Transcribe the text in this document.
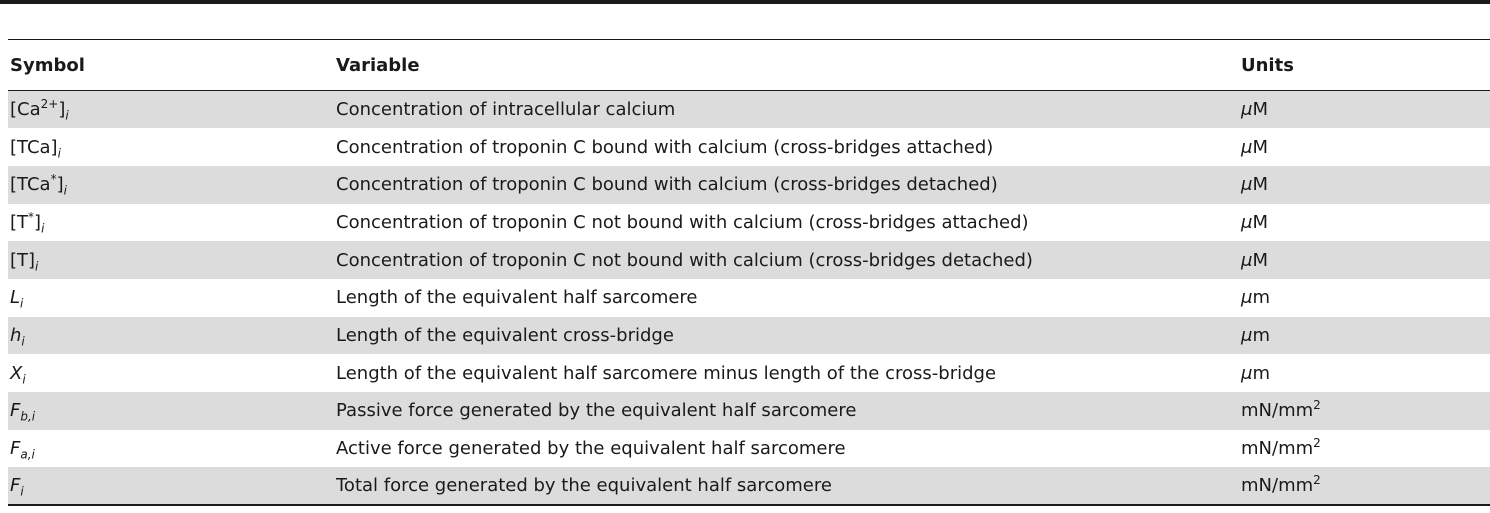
Symbol	Variable	Units
$[Ca^{2+}]_i$	Concentration of intracellular calcium	μM
$[TCa]_i$	Concentration of troponin C bound with calcium (cross-bridges attached)	μM
$[TCa^*]_i$	Concentration of troponin C bound with calcium (cross-bridges detached)	μM
$[T^*]_i$	Concentration of troponin C not bound with calcium (cross-bridges attached)	μM
$[T]_i$	Concentration of troponin C not bound with calcium (cross-bridges detached)	μM
$L_i$	Length of the equivalent half sarcomere	μm
$h_i$	Length of the equivalent cross-bridge	μm
$X_i$	Length of the equivalent half sarcomere minus length of the cross-bridge	μm
$F_{b,i}$	Passive force generated by the equivalent half sarcomere	$mN/mm^2$
$F_{a,i}$	Active force generated by the equivalent half sarcomere	$mN/mm^2$
$F_i$	Total force generated by the equivalent half sarcomere	$mN/mm^2$
